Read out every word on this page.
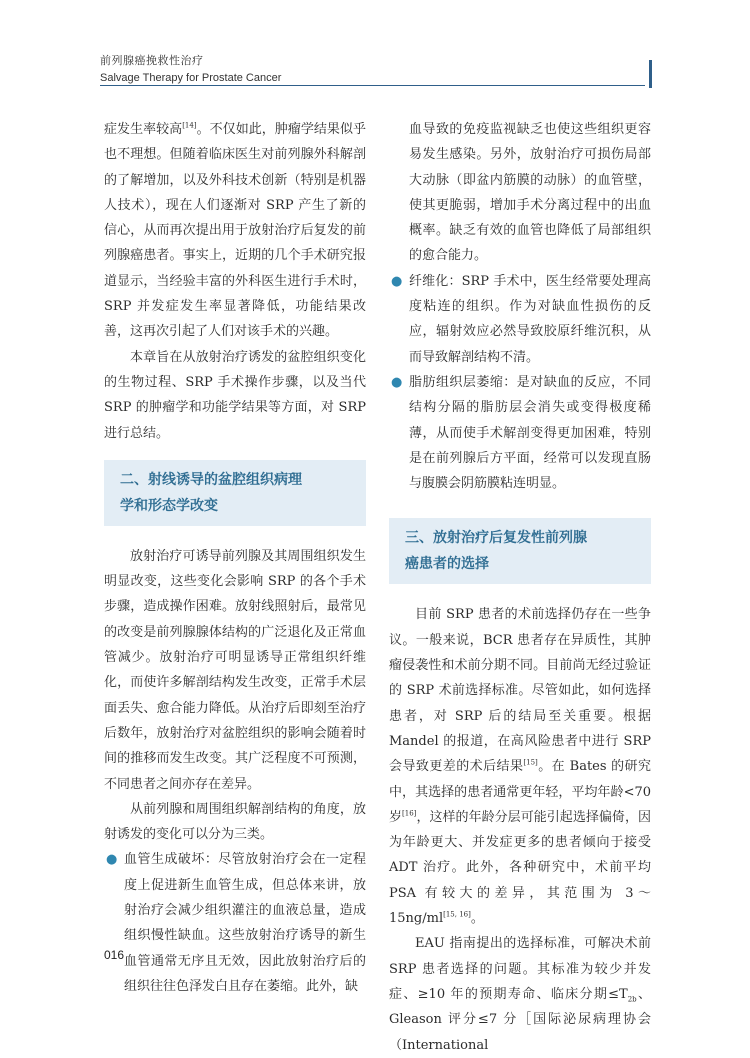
前列腺癌挽救性治疗
Salvage Therapy for Prostate Cancer

症发生率较高[14]。不仅如此，肿瘤学结果似乎也不理想。但随着临床医生对前列腺外科解剖的了解增加，以及外科技术创新（特别是机器人技术），现在人们逐渐对 SRP 产生了新的信心，从而再次提出用于放射治疗后复发的前列腺癌患者。事实上，近期的几个手术研究报道显示，当经验丰富的外科医生进行手术时，SRP 并发症发生率显著降低，功能结果改善，这再次引起了人们对该手术的兴趣。

本章旨在从放射治疗诱发的盆腔组织变化的生物过程、SRP 手术操作步骤，以及当代 SRP 的肿瘤学和功能学结果等方面，对 SRP 进行总结。

二、射线诱导的盆腔组织病理
学和形态学改变

放射治疗可诱导前列腺及其周围组织发生明显改变，这些变化会影响 SRP 的各个手术步骤，造成操作困难。放射线照射后，最常见的改变是前列腺腺体结构的广泛退化及正常血管减少。放射治疗可明显诱导正常组织纤维化，而使许多解剖结构发生改变，正常手术层面丢失、愈合能力降低。从治疗后即刻至治疗后数年，放射治疗对盆腔组织的影响会随着时间的推移而发生改变。其广泛程度不可预测，不同患者之间亦存在差异。

从前列腺和周围组织解剖结构的角度，放射诱发的变化可以分为三类。

● 血管生成破坏：尽管放射治疗会在一定程度上促进新生血管生成，但总体来讲，放射治疗会减少组织灌注的血液总量，造成组织慢性缺血。这些放射治疗诱导的新生血管通常无序且无效，因此放射治疗后的组织往往色泽发白且存在萎缩。此外，缺
血导致的免疫监视缺乏也使这些组织更容易发生感染。另外，放射治疗可损伤局部大动脉（即盆内筋膜的动脉）的血管壁，使其更脆弱，增加手术分离过程中的出血概率。缺乏有效的血管也降低了局部组织的愈合能力。
● 纤维化：SRP 手术中，医生经常要处理高度粘连的组织。作为对缺血性损伤的反应，辐射效应必然导致胶原纤维沉积，从而导致解剖结构不清。
● 脂肪组织层萎缩：是对缺血的反应，不同结构分隔的脂肪层会消失或变得极度稀薄，从而使手术解剖变得更加困难，特别是在前列腺后方平面，经常可以发现直肠与腹膜会阴筋膜粘连明显。
三、放射治疗后复发性前列腺
癌患者的选择

目前 SRP 患者的术前选择仍存在一些争议。一般来说，BCR 患者存在异质性，其肿瘤侵袭性和术前分期不同。目前尚无经过验证的 SRP 术前选择标准。尽管如此，如何选择患者，对 SRP 后的结局至关重要。根据 Mandel 的报道，在高风险患者中进行 SRP 会导致更差的术后结果[15]。在 Bates 的研究中，其选择的患者通常更年轻，平均年龄<70 岁[16]，这样的年龄分层可能引起选择偏倚，因为年龄更大、并发症更多的患者倾向于接受 ADT 治疗。此外，各种研究中，术前平均 PSA 有较大的差异，其范围为 3～15ng/ml[15, 16]。

EAU 指南提出的选择标准，可解决术前 SRP 患者选择的问题。其标准为较少并发症、≥10 年的预期寿命、临床分期$\le T_{2b}$、Gleason 评分≤7 分［国际泌尿病理协会（International

016
